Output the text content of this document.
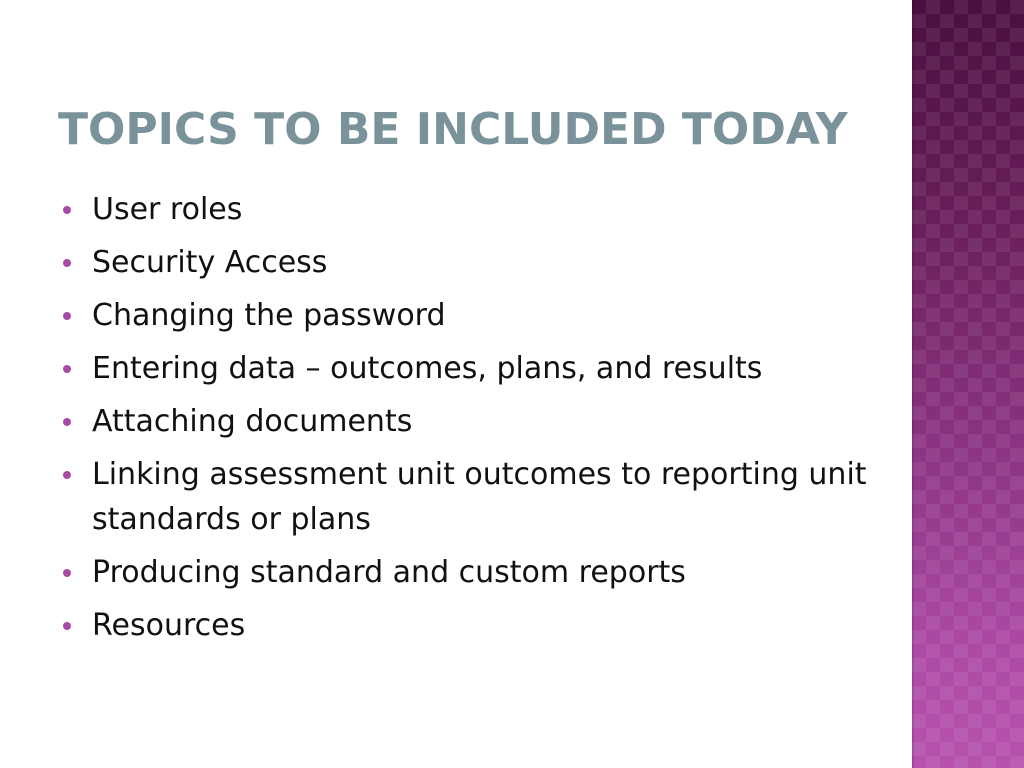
TOPICS TO BE INCLUDED TODAY
User roles
Security Access
Changing the password
Entering data – outcomes, plans, and results
Attaching documents
Linking assessment unit outcomes to reporting unit standards or plans
Producing standard and custom reports
Resources
